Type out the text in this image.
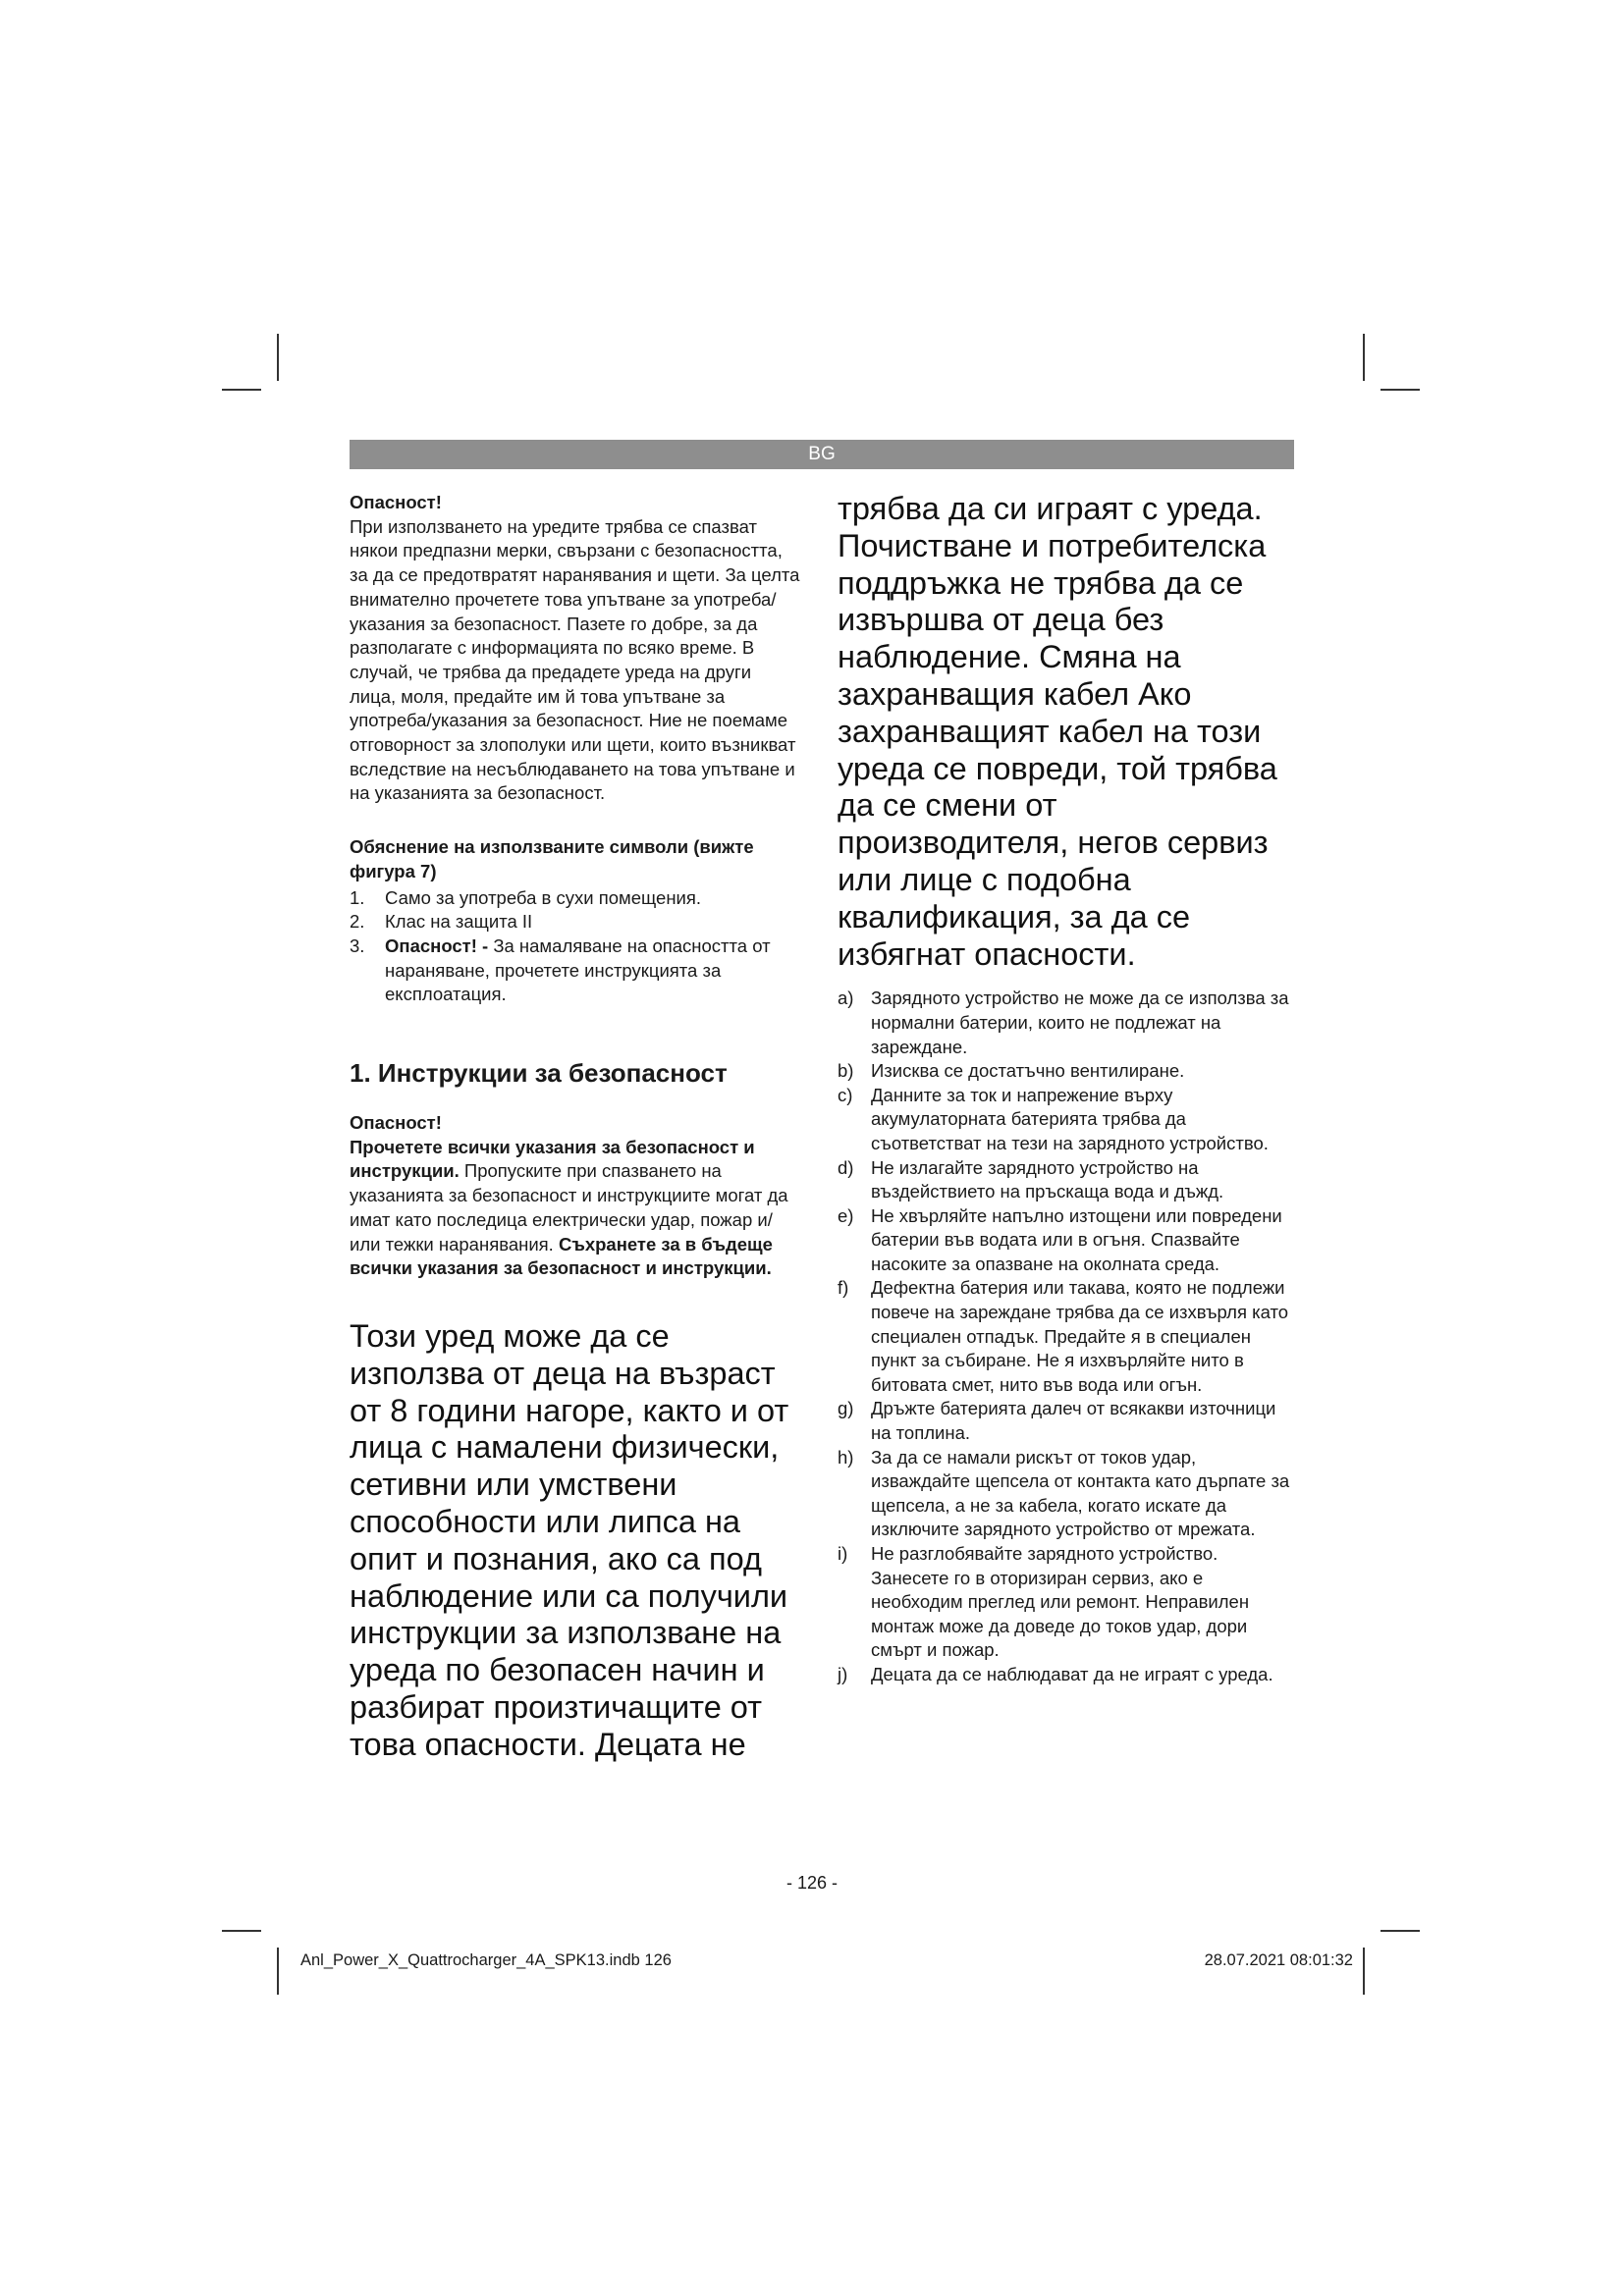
BG

Опасност!

При използването на уредите трябва се спазват някои предпазни мерки, свързани с безопасността, за да се предотвратят наранявания и щети. За целта внимателно прочетете това упътване за употреба/ указания за безопасност. Пазете го добре, за да разполагате с информацията по всяко време. В случай, че трябва да предадете уреда на други лица, моля, предайте им й това упътване за употреба/указания за безопасност. Ние не поемаме отговорност за злополуки или щети, които възникват вследствие на несъблюдаването на това упътване и на указанията за безопасност.

Обяснение на използваните символи (вижте фигура 7)

1.	Само за употреба в сухи помещения.
2.	Клас на защита II
3.	Опасност! - За намаляване на опасността от нараняване, прочетете инструкцията за експлоатация.

1. Инструкции за безопасност

Опасност!

Прочетете всички указания за безопасност и инструкции. Пропуските при спазването на указанията за безопасност и инструкциите могат да имат като последица електрически удар, пожар и/или тежки наранявания. Съхранете за в бъдеще всички указания за безопасност и инструкции.

Този уред може да се използва от деца на възраст от 8 години нагоре, както и от лица с намалени физически, сетивни или умствени способности или липса на опит и познания, ако са под наблюдение или са получили инструкции за използване на уреда по безопасен начин и разбират произтичащите от това опасности. Децата не

трябва да си играят с уреда. Почистване и потребителска поддръжка не трябва да се извършва от деца без наблюдение. Смяна на захранващия кабел Ако захранващият кабел на този уреда се повреди, той трябва да се смени от производителя, негов сервиз или лице с подобна квалификация, за да се избягнат опасности.

a) Зарядното устройство не може да се използва за нормални батерии, които не подлежат на зареждане.
b) Изисква се достатъчно вентилиране.
c)	Данните за ток и напрежение върху акумулаторната батерията трябва да съответстват на тези на зарядното устройство.
d) Не излагайте зарядното устройство на въздействието на пръскаща вода и дъжд.
e) Не хвърляйте напълно изтощени или повредени батерии във водата или в огъня. Спазвайте насоките за опазване на околната среда.
f)	Дефектна батерия или такава, която не подлежи повече на зареждане трябва да се изхвърля като специален отпадък. Предайте я в специален пункт за събиране. Не я изхвърляйте нито в битовата смет, нито във вода или огън.
g) Дръжте батерията далеч от всякакви източници на топлина.
h) За да се намали рискът от токов удар, изваждайте щепсела от контакта като дърпате за щепсела, а не за кабела, когато искате да изключите зарядното устройство от мрежата.
i)	Не разглобявайте зарядното устройство. Занесете го в оторизиран сервиз, ако е необходим преглед или ремонт. Неправилен монтаж може да доведе до токов удар, дори смърт и пожар.
j)	Децата да се наблюдават да не играят с уреда.
- 126 -
Anl_Power_X_Quattrocharger_4A_SPK13.indb 126	28.07.2021 08:01:32
